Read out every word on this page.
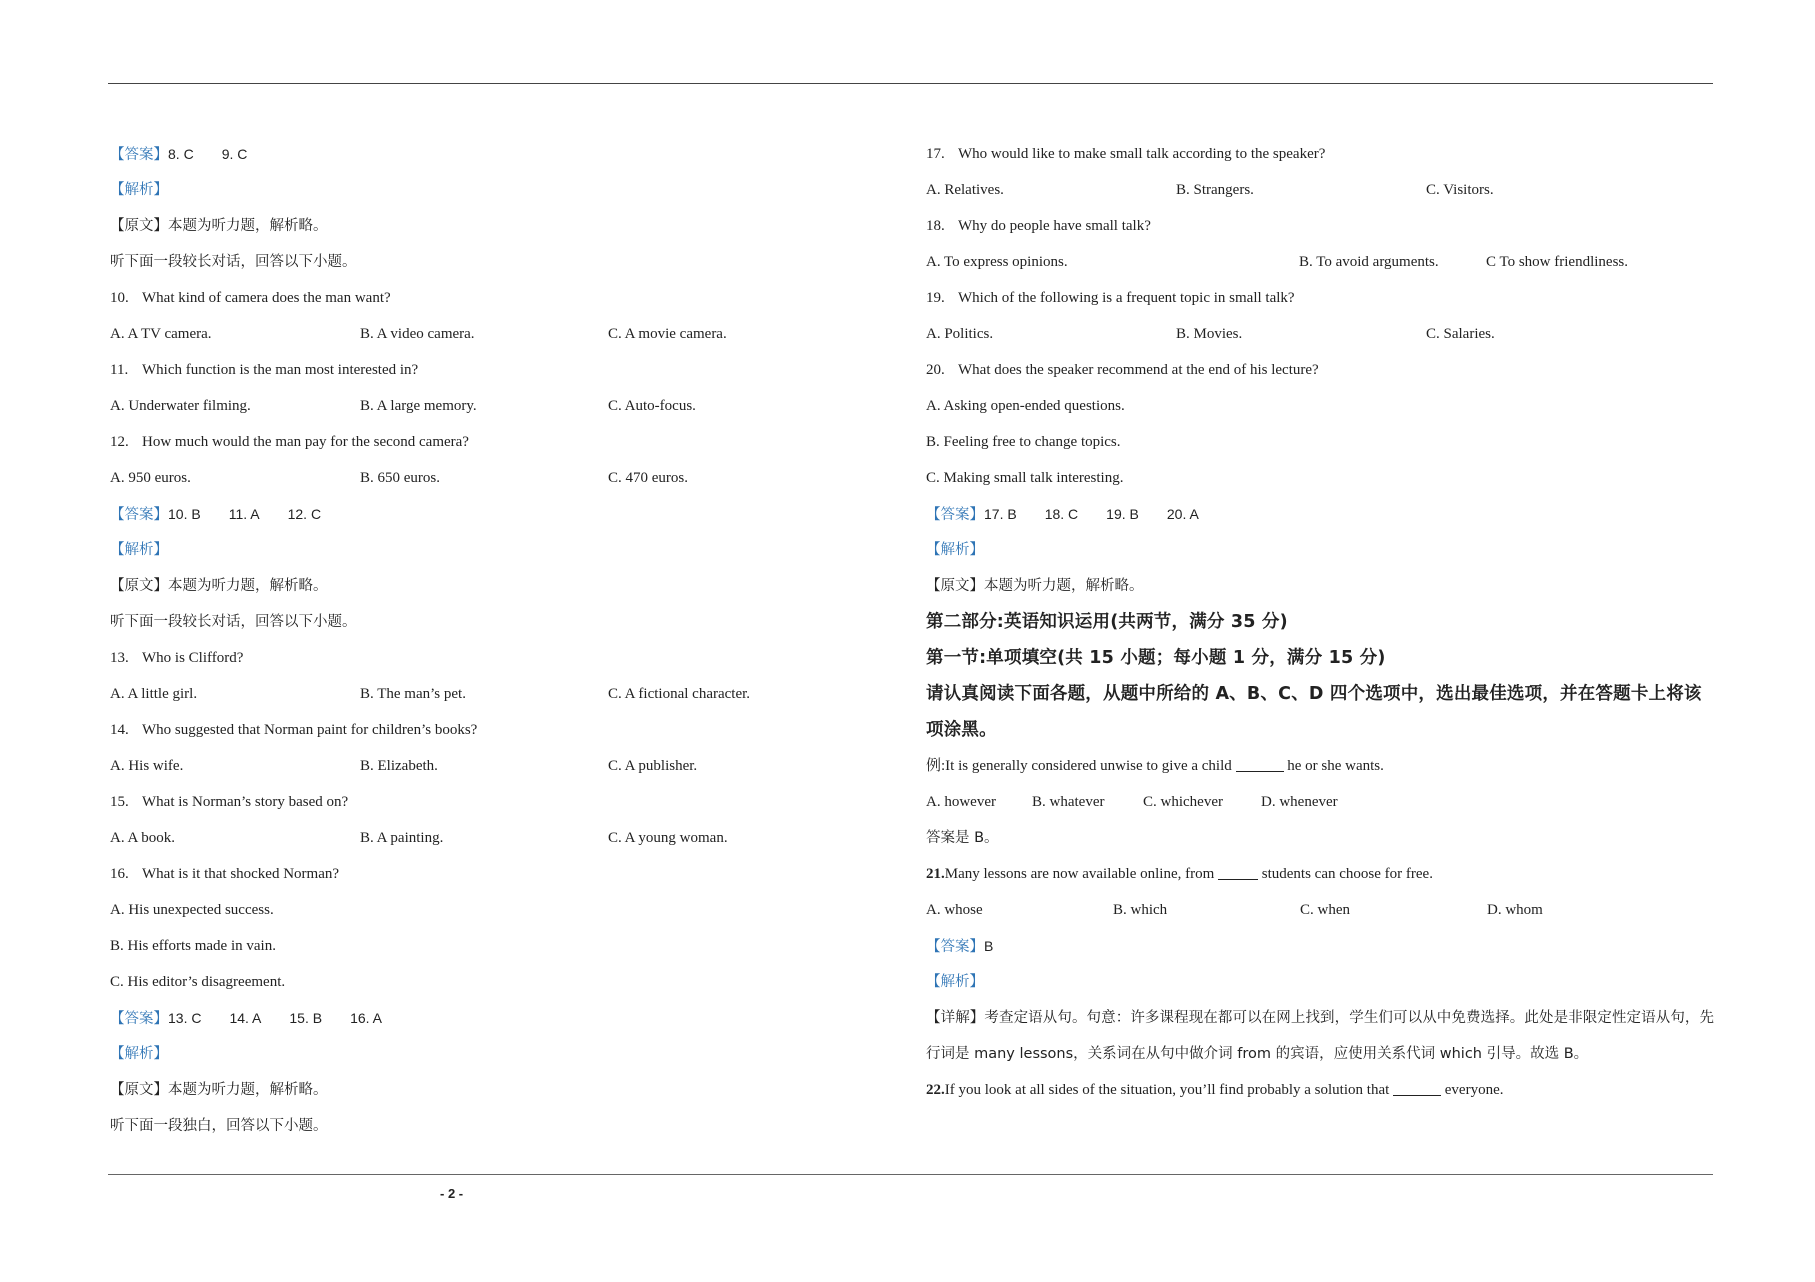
【答案】8. C 9. C
【解析】
【原文】本题为听力题，解析略。
听下面一段较长对话，回答以下小题。
10. What kind of camera does the man want?
A. A TV camera.	B. A video camera.	C. A movie camera.
11. Which function is the man most interested in?
A. Underwater filming.	B. A large memory.	C. Auto-focus.
12. How much would the man pay for the second camera?
A. 950 euros.	B. 650 euros.	C. 470 euros.
【答案】10. B 11. A 12. C
【解析】
【原文】本题为听力题，解析略。
听下面一段较长对话，回答以下小题。
13. Who is Clifford?
A. A little girl.	B. The man’s pet.	C. A fictional character.
14. Who suggested that Norman paint for children’s books?
A. His wife.	B. Elizabeth.	C. A publisher.
15. What is Norman’s story based on?
A. A book.	B. A painting.	C. A young woman.
16. What is it that shocked Norman?
A. His unexpected success.
B. His efforts made in vain.
C. His editor’s disagreement.
【答案】13. C 14. A 15. B 16. A
【解析】
【原文】本题为听力题，解析略。
听下面一段独白，回答以下小题。
17. Who would like to make small talk according to the speaker?
A. Relatives.	B. Strangers.	C. Visitors.
18. Why do people have small talk?
A. To express opinions.	B. To avoid arguments.	C To show friendliness.
19. Which of the following is a frequent topic in small talk?
A. Politics.	B. Movies.	C. Salaries.
20. What does the speaker recommend at the end of his lecture?
A. Asking open-ended questions.
B. Feeling free to change topics.
C. Making small talk interesting.
【答案】17. B 18. C 19. B 20. A
【解析】
【原文】本题为听力题，解析略。
第二部分:英语知识运用(共两节，满分 35 分)
第一节:单项填空(共 15 小题；每小题 1 分，满分 15 分)
请认真阅读下面各题，从题中所给的 A、B、C、D 四个选项中，选出最佳选项，并在答题卡上将该
项涂黑。
例:It is generally considered unwise to give a child	he or she wants.
A. however B. whatever	C. whichever	D. whenever
答案是 B。
21.Many lessons are now available online, from	students can choose for free.
A. whose	B. which	C. when	D. whom
【答案】B
【解析】
【详解】考查定语从句。句意：许多课程现在都可以在网上找到，学生们可以从中免费选择。此处是非限定性定语从句，先行词是 many lessons，关系词在从句中做介词 from 的宾语，应使用关系代词 which 引导。故选 B。
22.If you look at all sides of the situation, you’ll find probably a solution that	everyone.
- 2 -
